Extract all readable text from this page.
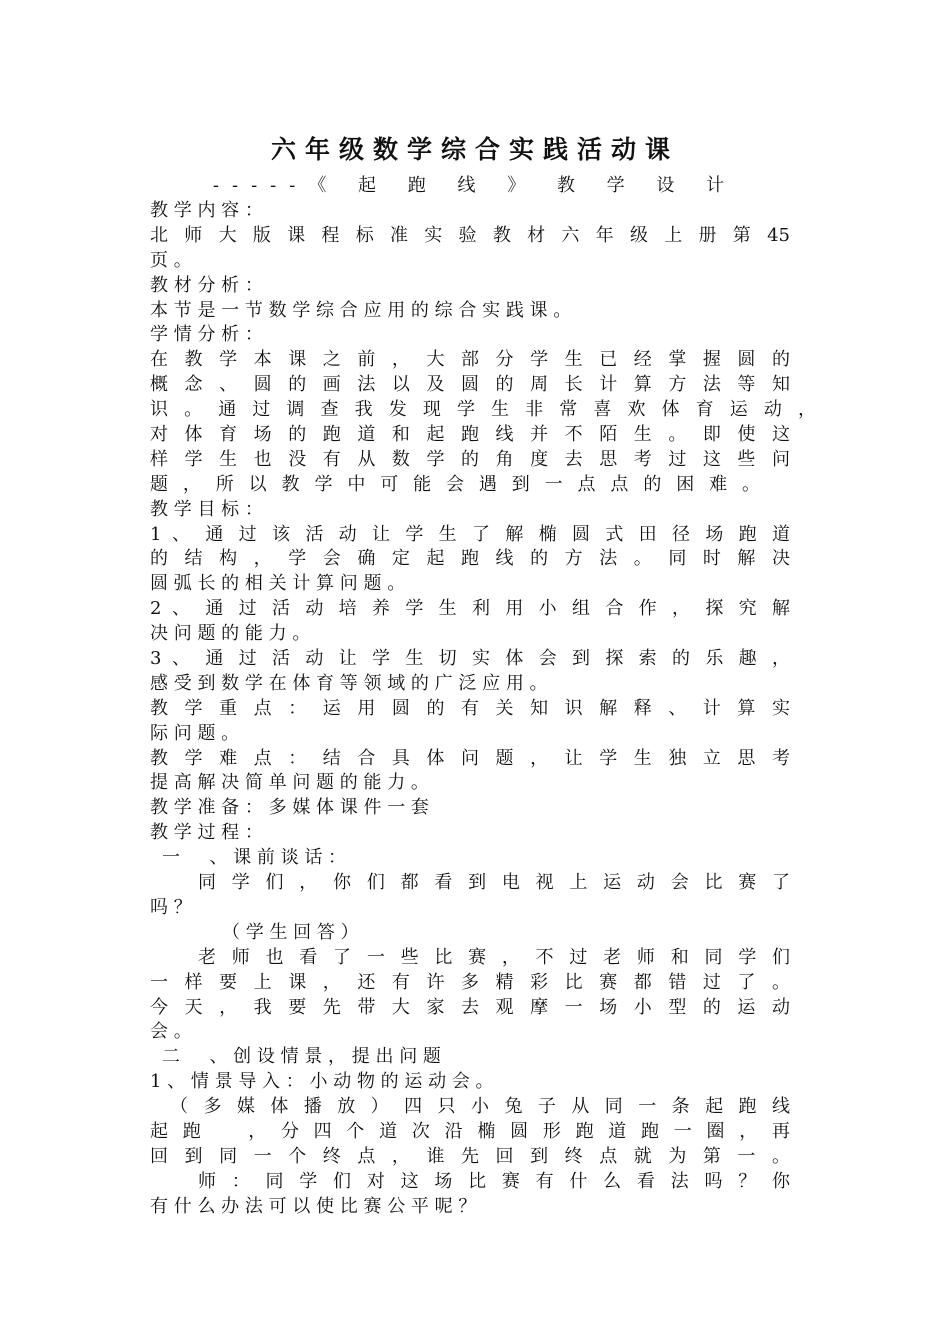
六年级数学综合实践活动课
-----《 起 跑 线 》 教 学 设 计
教 学 内 容 ：
北 师 大 版 课 程 标 准 实 验 教 材 六 年 级 上 册 第 45
页 。
教 材 分 析 ：
本 节 是 一 节 数 学 综 合 应 用 的 综 合 实 践 课 。
学 情 分 析 ：
在 教 学 本 课 之 前 ， 大 部 分 学 生 已 经 掌 握 圆 的
概 念 、 圆 的 画 法 以 及 圆 的 周 长 计 算 方 法 等 知
识 。 通 过 调 查 我 发 现 学 生 非 常 喜 欢 体 育 运 动 ，
对 体 育 场 的 跑 道 和 起 跑 线 并 不 陌 生 。 即 使 这
样 学 生 也 没 有 从 数 学 的 角 度 去 思 考 过 这 些 问
题 ， 所 以 教 学 中 可 能 会 遇 到 一 点 点 的 困 难 。
教 学 目 标 ：
1 、 通 过 该 活 动 让 学 生 了 解 椭 圆 式 田 径 场 跑 道
的 结 构 ， 学 会 确 定 起 跑 线 的 方 法 。 同 时 解 决
圆 弧 长 的 相 关 计 算 问 题 。
2 、 通 过 活 动 培 养 学 生 利 用 小 组 合 作 ， 探 究 解
决 问 题 的 能 力 。
3 、 通 过 活 动 让 学 生 切 实 体 会 到 探 索 的 乐 趣 ，
感 受 到 数 学 在 体 育 等 领 域 的 广 泛 应 用 。
教 学 重 点 ： 运 用 圆 的 有 关 知 识 解 释 、 计 算 实
际 问 题 。
教 学 难 点 ： 结 合 具 体 问 题 ， 让 学 生 独 立 思 考
提 高 解 决 简 单 问 题 的 能 力 。
教 学 准 备 ： 多 媒 体 课 件 一 套
教 学 过 程 ：
一 　 、 课 前 谈 话 ：
同 学 们 ， 你 们 都 看 到 电 视 上 运 动 会 比 赛 了
吗 ？
（ 学 生 回 答 ）
老 师 也 看 了 一 些 比 赛 ， 不 过 老 师 和 同 学 们
一 样 要 上 课 ， 还 有 许 多 精 彩 比 赛 都 错 过 了 。
今 天 ， 我 要 先 带 大 家 去 观 摩 一 场 小 型 的 运 动
会 。
二 　 、 创 设 情 景 ， 提 出 问 题
1 、 情 景 导 入 ： 小 动 物 的 运 动 会 。
（ 多 媒 体 播 放 ） 四 只 小 兔 子 从 同 一 条 起 跑 线
起 跑 　 ， 分 四 个 道 次 沿 椭 圆 形 跑 道 跑 一 圈 ， 再
回 到 同 一 个 终 点 ， 谁 先 回 到 终 点 就 为 第 一 。
师 ： 同 学 们 对 这 场 比 赛 有 什 么 看 法 吗 ？ 你
有 什 么 办 法 可 以 使 比 赛 公 平 呢 ？
